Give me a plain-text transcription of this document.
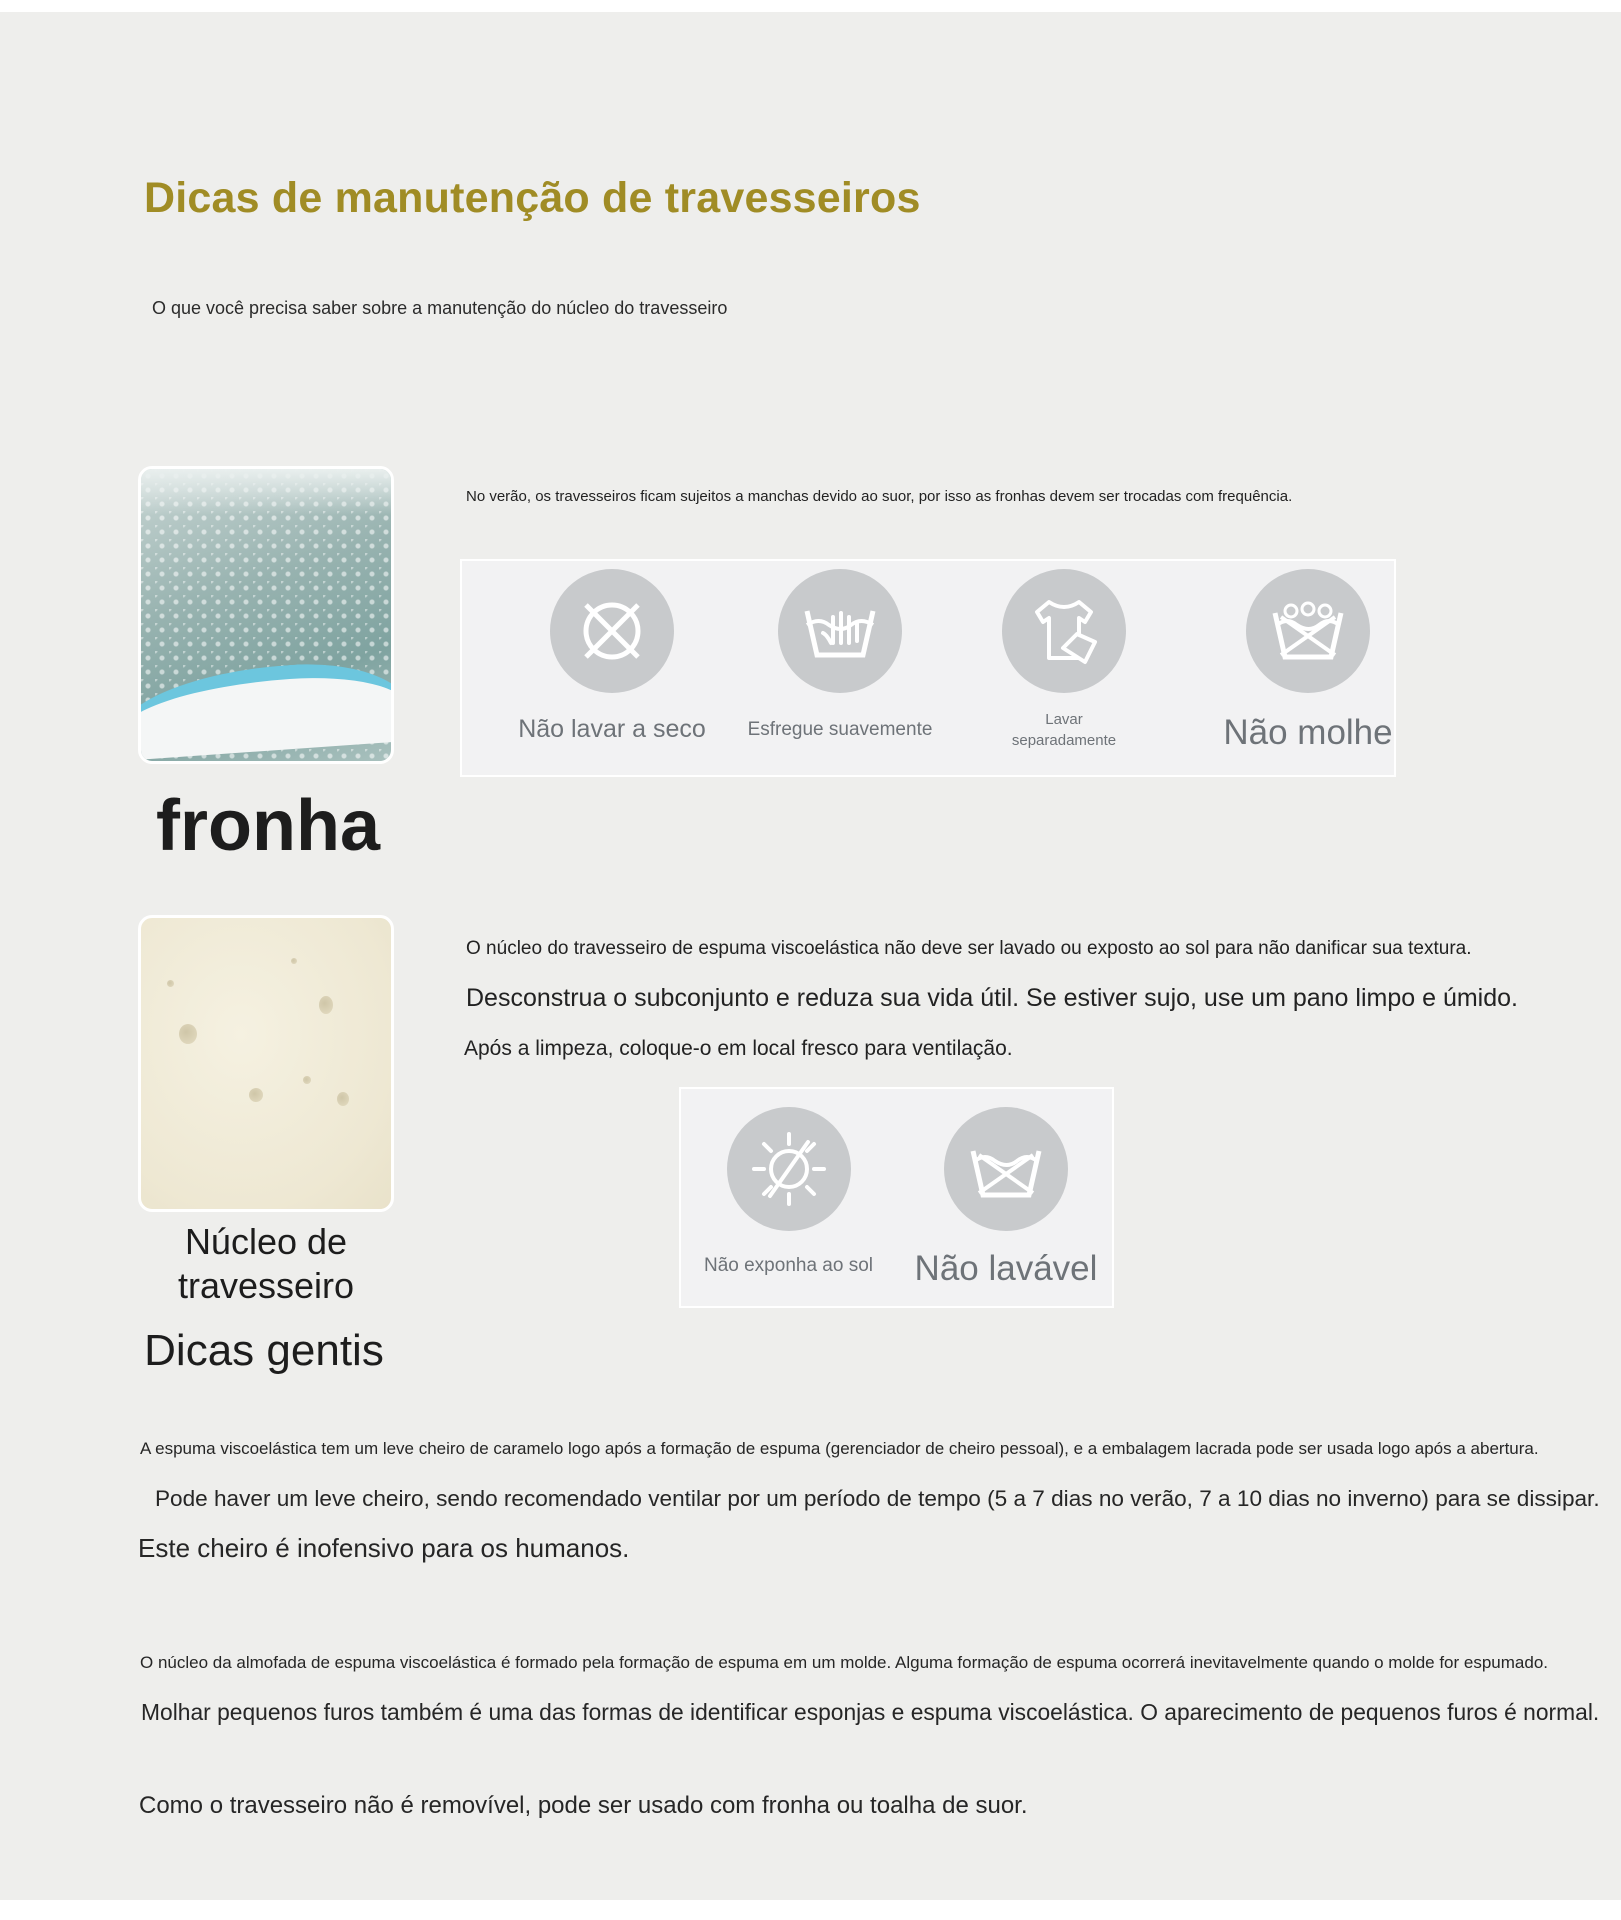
Dicas de manutenção de travesseiros
O que você precisa saber sobre a manutenção do núcleo do travesseiro
fronha
No verão, os travesseiros ficam sujeitos a manchas devido ao suor, por isso as fronhas devem ser trocadas com frequência.
Não lavar a seco	Esfregue suavemente	Lavar
separadamente	Não molhe
Núcleo de
travesseiro
O núcleo do travesseiro de espuma viscoelástica não deve ser lavado ou exposto ao sol para não danificar sua textura.
Desconstrua o subconjunto e reduza sua vida útil. Se estiver sujo, use um pano limpo e úmido.
Após a limpeza, coloque-o em local fresco para ventilação.
Não exponha ao sol	Não lavável
Dicas gentis
A espuma viscoelástica tem um leve cheiro de caramelo logo após a formação de espuma (gerenciador de cheiro pessoal), e a embalagem lacrada pode ser usada logo após a abertura.
Pode haver um leve cheiro, sendo recomendado ventilar por um período de tempo (5 a 7 dias no verão, 7 a 10 dias no inverno) para se dissipar.
Este cheiro é inofensivo para os humanos.
O núcleo da almofada de espuma viscoelástica é formado pela formação de espuma em um molde. Alguma formação de espuma ocorrerá inevitavelmente quando o molde for espumado.
Molhar pequenos furos também é uma das formas de identificar esponjas e espuma viscoelástica. O aparecimento de pequenos furos é normal.
Como o travesseiro não é removível, pode ser usado com fronha ou toalha de suor.
